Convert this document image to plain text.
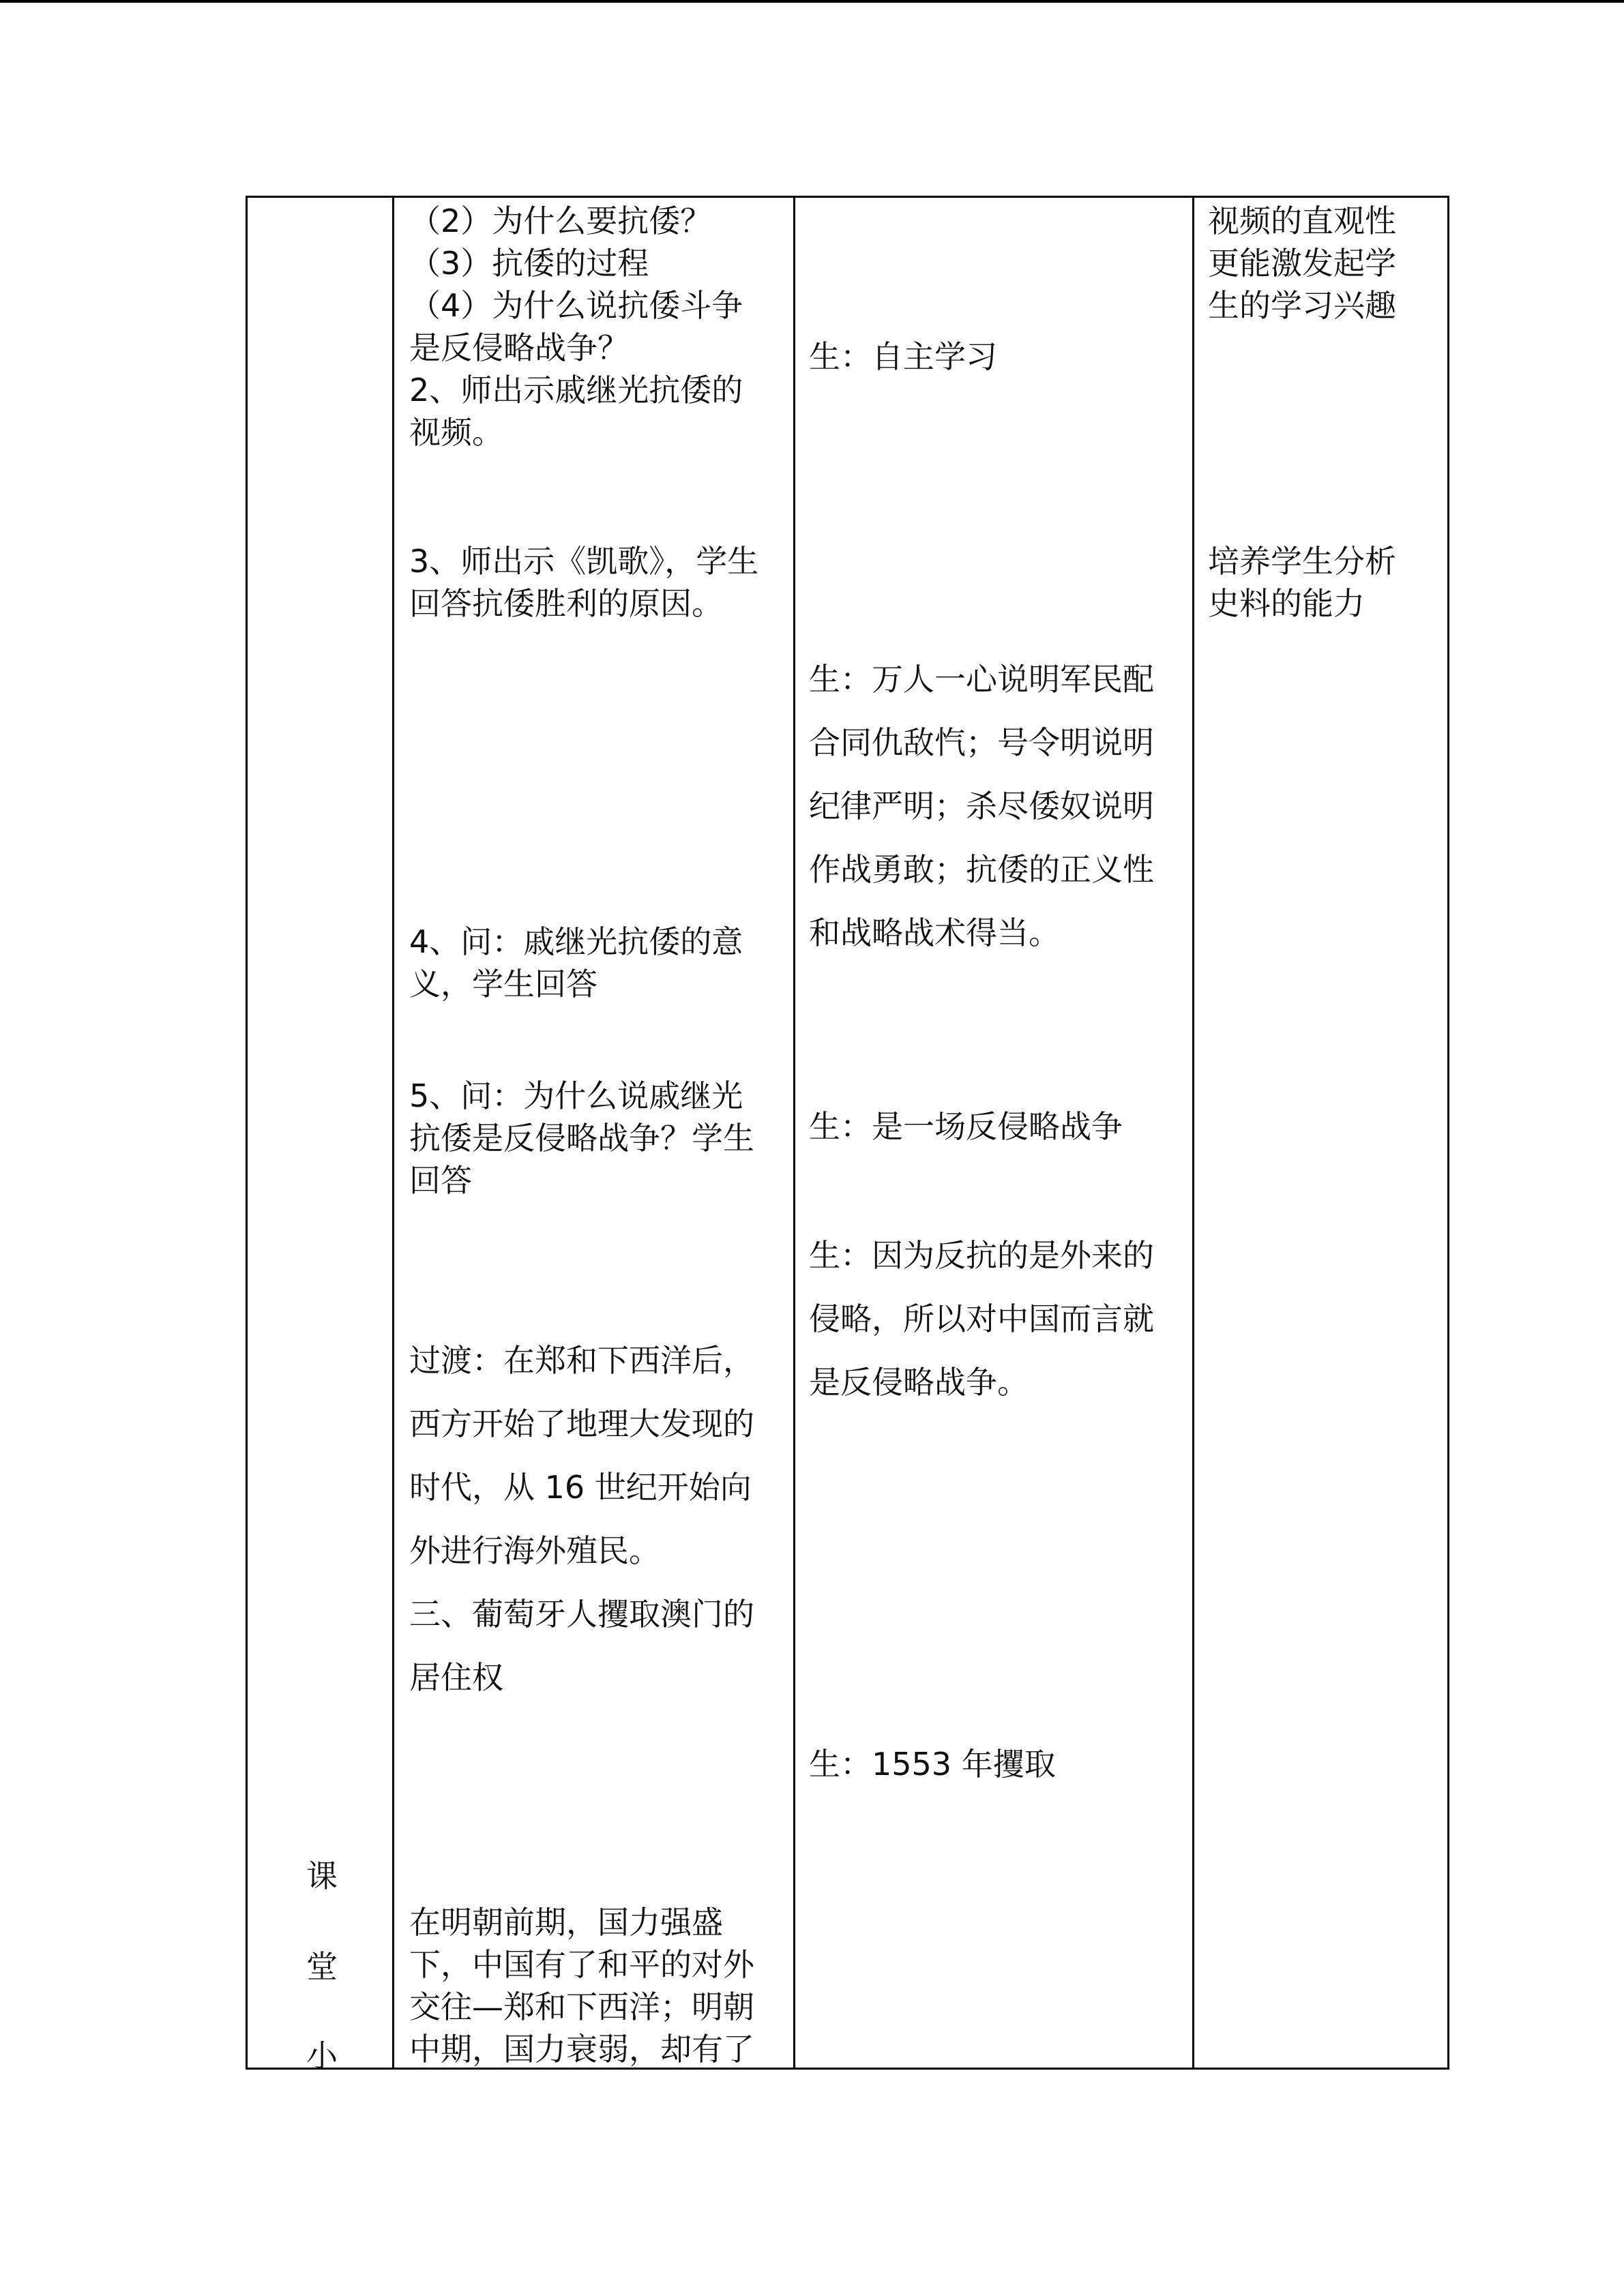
课
堂
小
（2）为什么要抗倭？
（3）抗倭的过程
（4）为什么说抗倭斗争
是反侵略战争？
2、师出示戚继光抗倭的
视频。
3、师出示《凯歌》，学生
回答抗倭胜利的原因。
4、问：戚继光抗倭的意
义，学生回答
5、问：为什么说戚继光
抗倭是反侵略战争？学生
回答
过渡：在郑和下西洋后，
西方开始了地理大发现的
时代，从 16 世纪开始向
外进行海外殖民。
三、葡萄牙人攫取澳门的
居住权
在明朝前期，国力强盛
下，中国有了和平的对外
交往—郑和下西洋；明朝
中期，国力衰弱，却有了
生：自主学习
生：万人一心说明军民配
合同仇敌忾；号令明说明
纪律严明；杀尽倭奴说明
作战勇敢；抗倭的正义性
和战略战术得当。
生：是一场反侵略战争
生：因为反抗的是外来的
侵略，所以对中国而言就
是反侵略战争。
生：1553 年攫取
视频的直观性
更能激发起学
生的学习兴趣
培养学生分析
史料的能力
